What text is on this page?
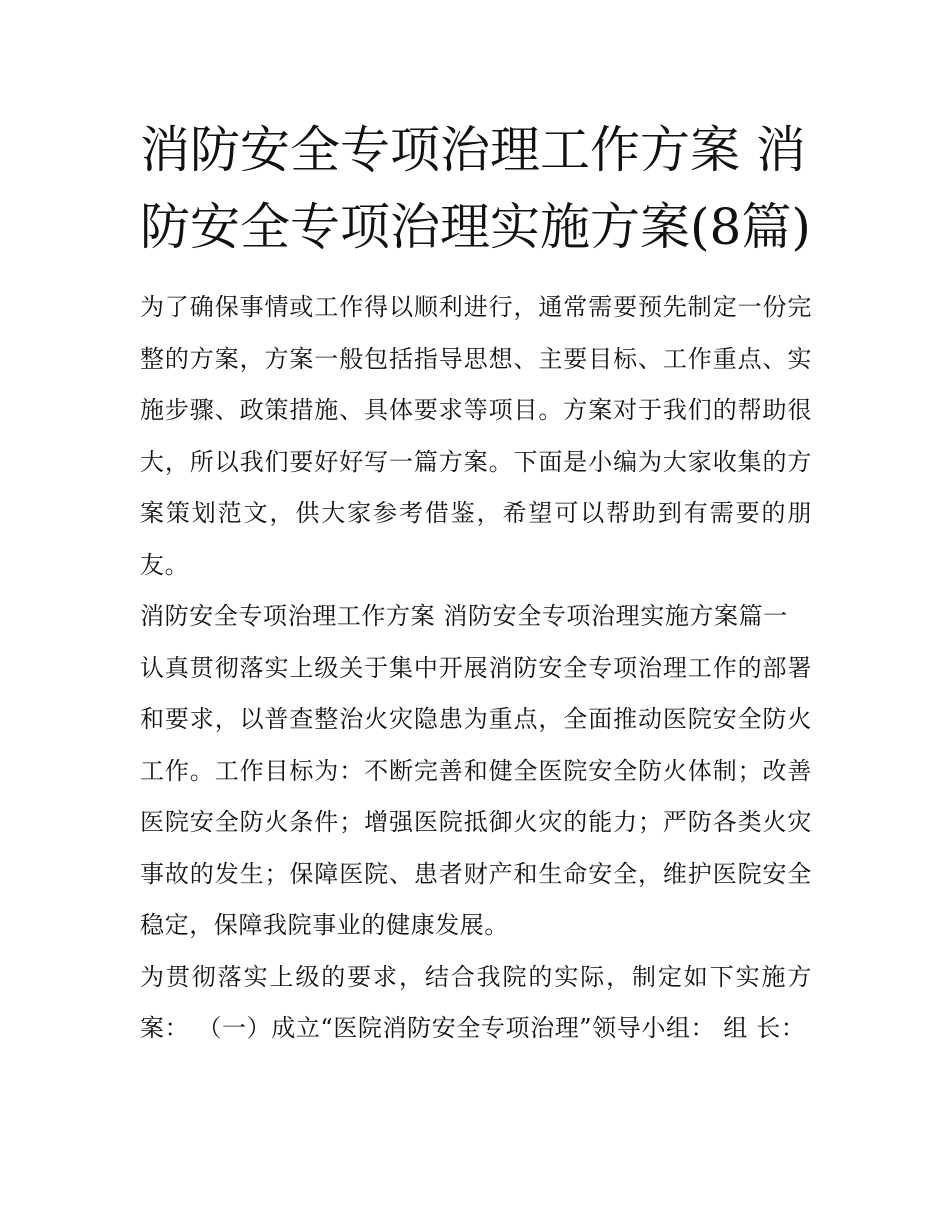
消防安全专项治理工作方案 消防安全专项治理实施方案(8篇)

为了确保事情或工作得以顺利进行，通常需要预先制定一份完整的方案，方案一般包括指导思想、主要目标、工作重点、实施步骤、政策措施、具体要求等项目。方案对于我们的帮助很大，所以我们要好好写一篇方案。下面是小编为大家收集的方案策划范文，供大家参考借鉴，希望可以帮助到有需要的朋友。

消防安全专项治理工作方案 消防安全专项治理实施方案篇一

认真贯彻落实上级关于集中开展消防安全专项治理工作的部署和要求，以普查整治火灾隐患为重点，全面推动医院安全防火工作。工作目标为：不断完善和健全医院安全防火体制；改善医院安全防火条件；增强医院抵御火灾的能力；严防各类火灾事故的发生；保障医院、患者财产和生命安全，维护医院安全稳定，保障我院事业的健康发展。

为贯彻落实上级的要求，结合我院的实际，制定如下实施方案： （一）成立“医院消防安全专项治理”领导小组： 组 长：
